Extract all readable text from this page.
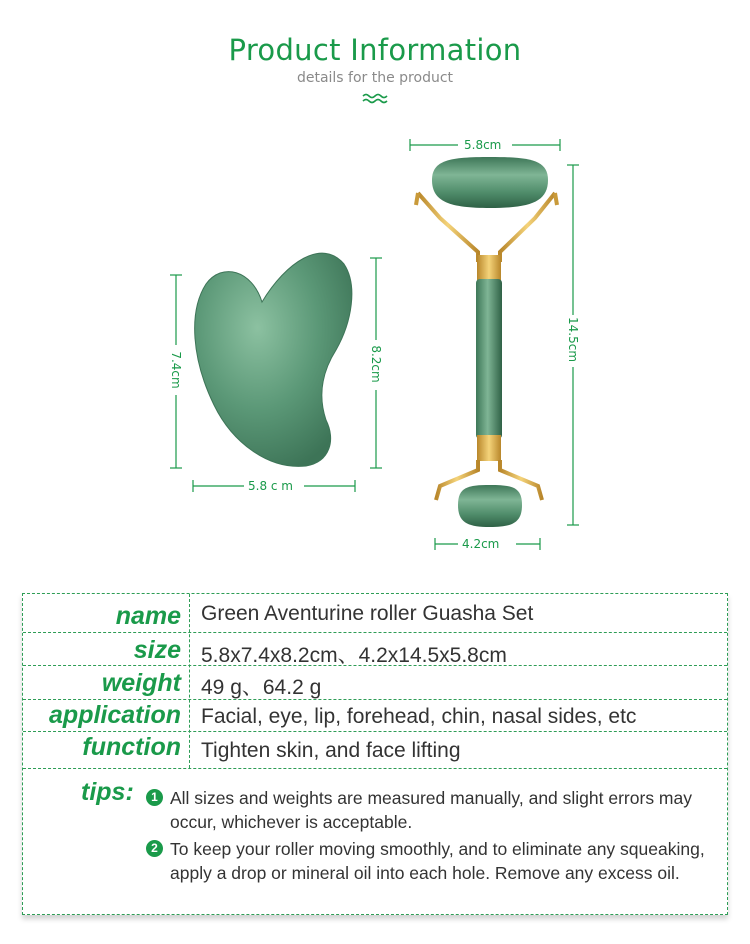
Product Information
details for the product
5.8cm
4.2cm
5.8 c m
14.5cm
7.4cm	8.2cm
name Green Aventurine roller Guasha Set
size 5.8x7.4x8.2cm、4.2x14.5x5.8cm
weight 49 g、64.2 g
application Facial, eye, lip, forehead, chin, nasal sides, etc
function Tighten skin, and face lifting
tips:	1 All sizes and weights are measured manually, and slight errors may occur, whichever is acceptable.
2 To keep your roller moving smoothly, and to eliminate any squeaking, apply a drop or mineral oil into each hole. Remove any excess oil.
